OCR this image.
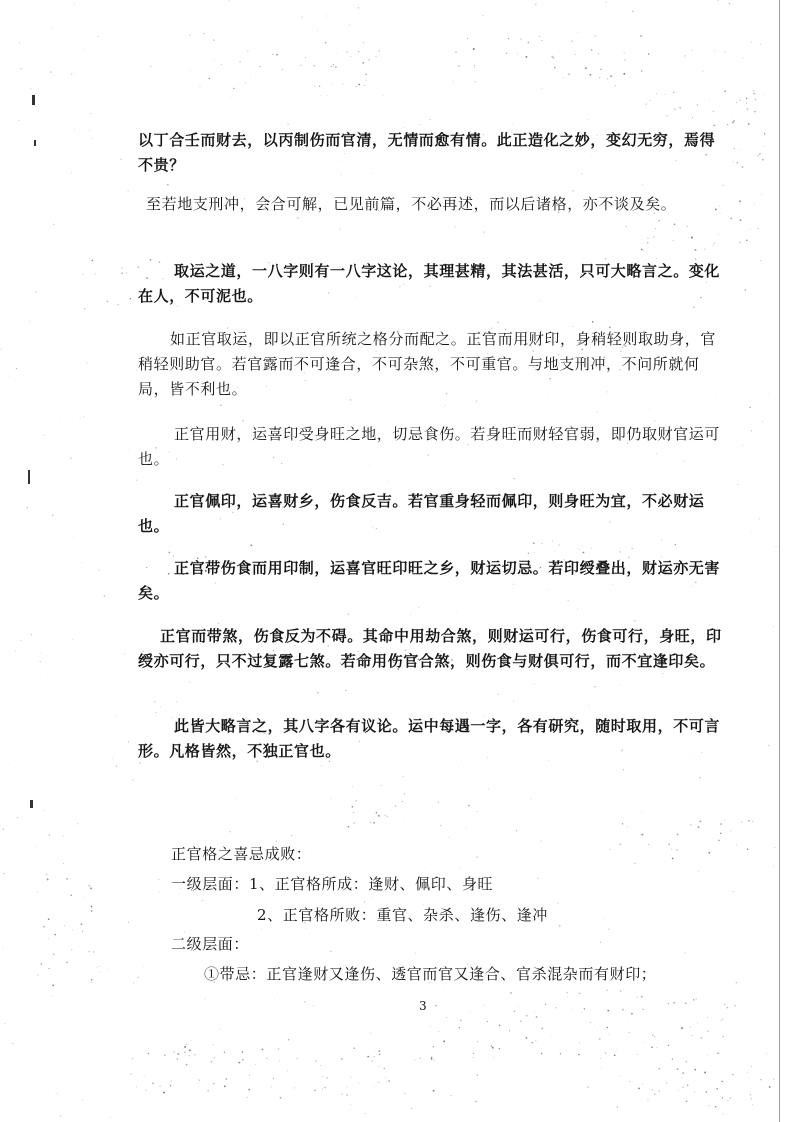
以丁合壬而财去，以丙制伤而官清，无情而愈有情。此正造化之妙，变幻无穷，焉得不贵？

至若地支刑冲，会合可解，已见前篇，不必再述，而以后诸格，亦不谈及矣。

取运之道，一八字则有一八字这论，其理甚精，其法甚活，只可大略言之。变化在人，不可泥也。

如正官取运，即以正官所统之格分而配之。正官而用财印，身稍轻则取助身，官稍轻则助官。若官露而不可逢合，不可杂煞，不可重官。与地支刑冲，不问所就何局，皆不利也。

正官用财，运喜印受身旺之地，切忌食伤。若身旺而财轻官弱，即仍取财官运可也。

正官佩印，运喜财乡，伤食反吉。若官重身轻而佩印，则身旺为宜，不必财运也。

正官带伤食而用印制，运喜官旺印旺之乡，财运切忌。若印绶叠出，财运亦无害矣。

正官而带煞，伤食反为不碍。其命中用劫合煞，则财运可行，伤食可行，身旺，印绶亦可行，只不过复露七煞。若命用伤官合煞，则伤食与财俱可行，而不宜逢印矣。

此皆大略言之，其八字各有议论。运中每遇一字，各有研究，随时取用，不可言形。凡格皆然，不独正官也。

正官格之喜忌成败：

一级层面：1、正官格所成：逢财、佩印、身旺

2、正官格所败：重官、杂杀、逢伤、逢冲

二级层面：

①带忌：正官逢财又逢伤、透官而官又逢合、官杀混杂而有财印；

3
